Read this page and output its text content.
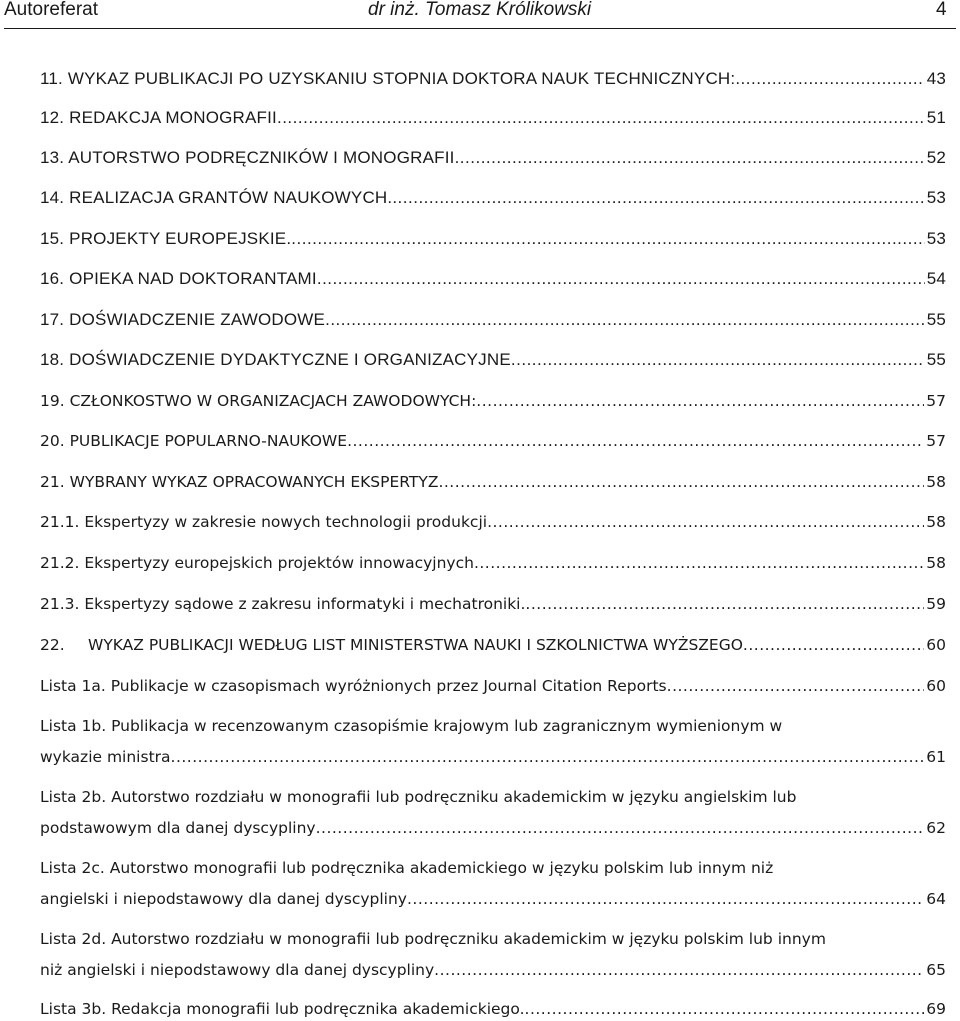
Autoreferat	dr inż. Tomasz Królikowski	4
11. WYKAZ PUBLIKACJI PO UZYSKANIU STOPNIA DOKTORA NAUK TECHNICZNYCH: .....	43
12. REDAKCJA MONOGRAFII .....	51
13. AUTORSTWO PODRĘCZNIKÓW I MONOGRAFII .....	52
14. REALIZACJA GRANTÓW NAUKOWYCH. .....	53
15. PROJEKTY EUROPEJSKIE. .....	53
16. OPIEKA NAD DOKTORANTAMI .....	54
17. DOŚWIADCZENIE ZAWODOWE .....	55
18. DOŚWIADCZENIE DYDAKTYCZNE I ORGANIZACYJNE .....	55
19. CZŁONKOSTWO W ORGANIZACJACH ZAWODOWYCH: .....	57
20. PUBLIKACJE POPULARNO-NAUKOWE .....	57
21. WYBRANY WYKAZ OPRACOWANYCH EKSPERTYZ .....	58
21.1. Ekspertyzy w zakresie nowych technologii produkcji .....	58
21.2. Ekspertyzy europejskich projektów innowacyjnych .....	58
21.3. Ekspertyzy sądowe z zakresu informatyki i mechatroniki. .....	59
22.	WYKAZ PUBLIKACJI WEDŁUG LIST MINISTERSTWA NAUKI I SZKOLNICTWA WYŻSZEGO .....	60
Lista 1a. Publikacje w czasopismach wyróżnionych przez Journal Citation Reports .....	60
Lista 1b. Publikacja w recenzowanym czasopiśmie krajowym lub zagranicznym wymienionym w
wykazie ministra .....	61
Lista 2b. Autorstwo rozdziału w monografii lub podręczniku akademickim w języku angielskim lub
podstawowym dla danej dyscypliny .....	62
Lista 2c. Autorstwo monografii lub podręcznika akademickiego w języku polskim lub innym niż
angielski i niepodstawowy dla danej dyscypliny .....	64
Lista 2d. Autorstwo rozdziału w monografii lub podręczniku akademickim w języku polskim lub innym
niż angielski i niepodstawowy dla danej dyscypliny .....	65
Lista 3b. Redakcja monografii lub podręcznika akademickiego. .....	69
